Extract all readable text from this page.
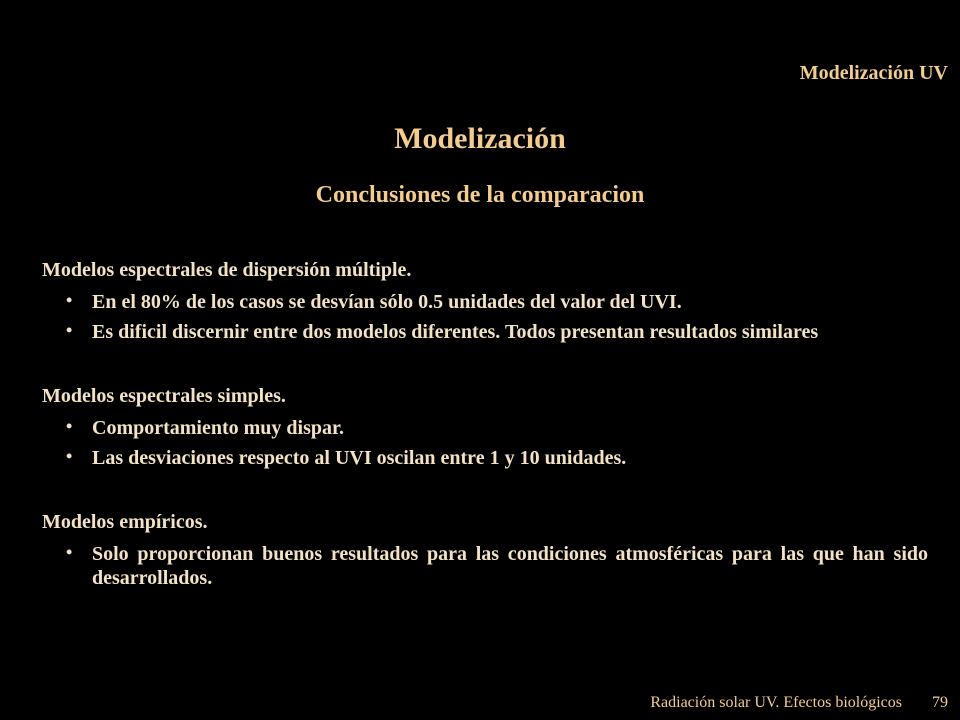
Modelización UV
Modelización
Conclusiones de la comparacion
Modelos espectrales de dispersión múltiple.
• En el 80% de los casos se desvían sólo 0.5 unidades del valor del UVI.
• Es dificil discernir entre dos modelos diferentes. Todos presentan resultados similares
Modelos espectrales simples.
• Comportamiento muy dispar.
• Las desviaciones respecto al UVI oscilan entre 1 y 10 unidades.
Modelos empíricos.
• Solo proporcionan buenos resultados para las condiciones atmosféricas para las que han sido desarrollados.
Radiación solar UV. Efectos biológicos 79
